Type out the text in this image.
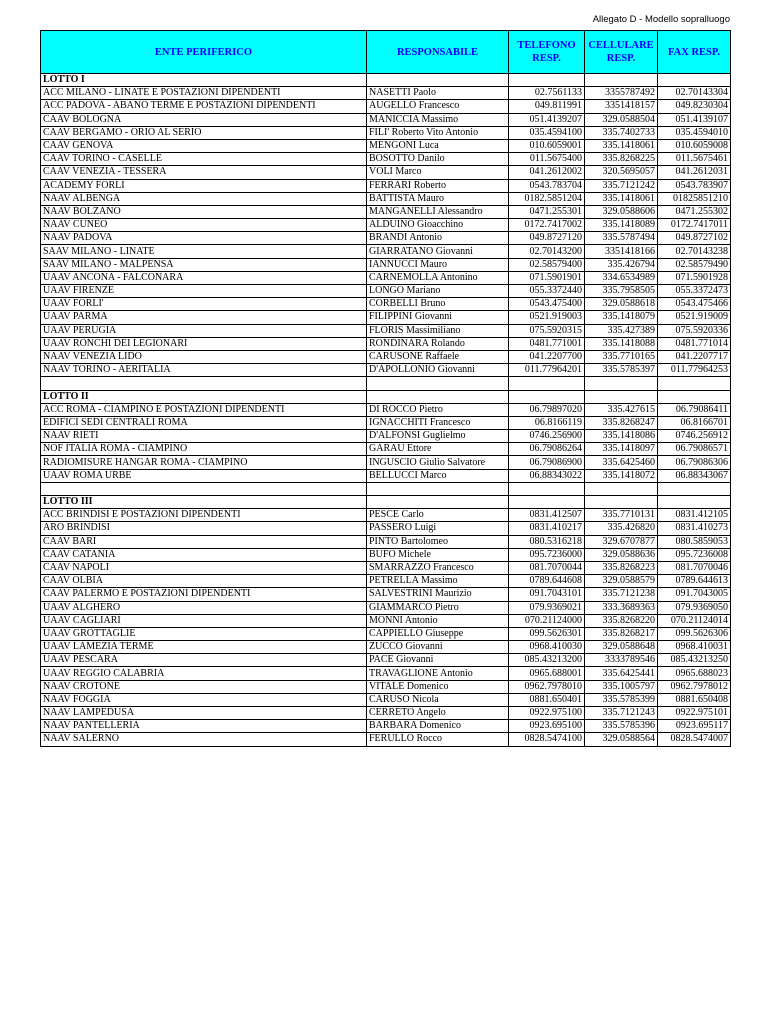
Allegato D - Modello sopralluogo
ENTE PERIFERICO	RESPONSABILE	TELEFONO RESP.	CELLULARE RESP.	FAX RESP.
LOTTO I				
ACC MILANO - LINATE E POSTAZIONI DIPENDENTI	NASETTI Paolo	02.7561133	3355787492	02.70143304
ACC PADOVA - ABANO TERME E POSTAZIONI DIPENDENTI	AUGELLO Francesco	049.811991	3351418157	049.8230304
CAAV BOLOGNA	MANICCIA Massimo	051.4139207	329.0588504	051.4139107
CAAV BERGAMO - ORIO AL SERIO	FILI' Roberto Vito Antonio	035.4594100	335.7402733	035.4594010
CAAV GENOVA	MENGONI Luca	010.6059001	335.1418061	010.6059008
CAAV TORINO - CASELLE	BOSOTTO Danilo	011.5675400	335.8268225	011.5675461
CAAV VENEZIA - TESSERA	VOLI Marco	041.2612002	320.5695057	041.2612031
ACADEMY FORLI	FERRARI Roberto	0543.783704	335.7121242	0543.783907
NAAV ALBENGA	BATTISTA Mauro	0182.5851204	335.1418061	01825851210
NAAV BOLZANO	MANGANELLI Alessandro	0471.255301	329.0588606	0471.255302
NAAV CUNEO	ALDUINO Gioacchino	0172.7417002	335.1418089	0172.7417011
NAAV PADOVA	BRANDI Antonio	049.8727120	335.5787494	049.8727102
SAAV MILANO - LINATE	GIARRATANO Giovanni	02.70143200	3351418166	02.70143238
SAAV MILANO - MALPENSA	IANNUCCI Mauro	02.58579400	335.426794	02.58579490
UAAV ANCONA - FALCONARA	CARNEMOLLA Antonino	071.5901901	334.6534989	071.5901928
UAAV FIRENZE	LONGO Mariano	055.3372440	335.7958505	055.3372473
UAAV FORLI'	CORBELLI Bruno	0543.475400	329.0588618	0543.475466
UAAV PARMA	FILIPPINI Giovanni	0521.919003	335.1418079	0521.919009
UAAV PERUGIA	FLORIS Massimiliano	075.5920315	335.427389	075.5920336
UAAV RONCHI DEI LEGIONARI	RONDINARA Rolando	0481.771001	335.1418088	0481.771014
NAAV VENEZIA LIDO	CARUSONE Raffaele	041.2207700	335.7710165	041.2207717
NAAV TORINO - AERITALIA	D'APOLLONIO Giovanni	011.77964201	335.5785397	011.77964253

LOTTO II				
ACC ROMA - CIAMPINO E POSTAZIONI DIPENDENTI	DI ROCCO Pietro	06.79897020	335.427615	06.79086411
EDIFICI SEDI CENTRALI ROMA	IGNACCHITI Francesco	06.8166119	335.8268247	06.8166701
NAAV RIETI	D'ALFONSI Guglielmo	0746.256900	335.1418086	0746.256912
NOF ITALIA ROMA - CIAMPINO	GARAU Ettore	06.79086264	335.1418097	06.79086571
RADIOMISURE HANGAR ROMA - CIAMPINO	INGUSCIO Giulio Salvatore	06.79086900	335.6425460	06.79086306
UAAV ROMA URBE	BELLUCCI Marco	06.88343022	335.1418072	06.88343067

LOTTO III				
ACC BRINDISI E POSTAZIONI DIPENDENTI	PESCE Carlo	0831.412507	335.7710131	0831.412105
ARO BRINDISI	PASSERO Luigi	0831.410217	335.426820	0831.410273
CAAV BARI	PINTO Bartolomeo	080.5316218	329.6707877	080.5859053
CAAV CATANIA	BUFO Michele	095.7236000	329.0588636	095.7236008
CAAV NAPOLI	SMARRAZZO Francesco	081.7070044	335.8268223	081.7070046
CAAV OLBIA	PETRELLA Massimo	0789.644608	329.0588579	0789.644613
CAAV PALERMO E POSTAZIONI DIPENDENTI	SALVESTRINI Maurizio	091.7043101	335.7121238	091.7043005
UAAV ALGHERO	GIAMMARCO Pietro	079.9369021	333.3689363	079.9369050
UAAV CAGLIARI	MONNI Antonio	070.21124000	335.8268220	070.21124014
UAAV GROTTAGLIE	CAPPIELLO Giuseppe	099.5626301	335.8268217	099.5626306
UAAV LAMEZIA TERME	ZUCCO Giovanni	0968.410030	329.0588648	0968.410031
UAAV PESCARA	PACE Giovanni	085.43213200	3333789546	085.43213250
UAAV REGGIO CALABRIA	TRAVAGLIONE Antonio	0965.688001	335.6425441	0965.688023
NAAV CROTONE	VITALE Domenico	0962.7978010	335.1005797	0962.7978012
NAAV FOGGIA	CARUSO Nicola	0881.650401	335.5785399	0881.650408
NAAV LAMPEDUSA	CERRETO Angelo	0922.975100	335.7121243	0922.975101
NAAV PANTELLERIA	BARBARA Domenico	0923.695100	335.5785396	0923.695117
NAAV SALERNO	FERULLO Rocco	0828.5474100	329.0588564	0828.5474007
